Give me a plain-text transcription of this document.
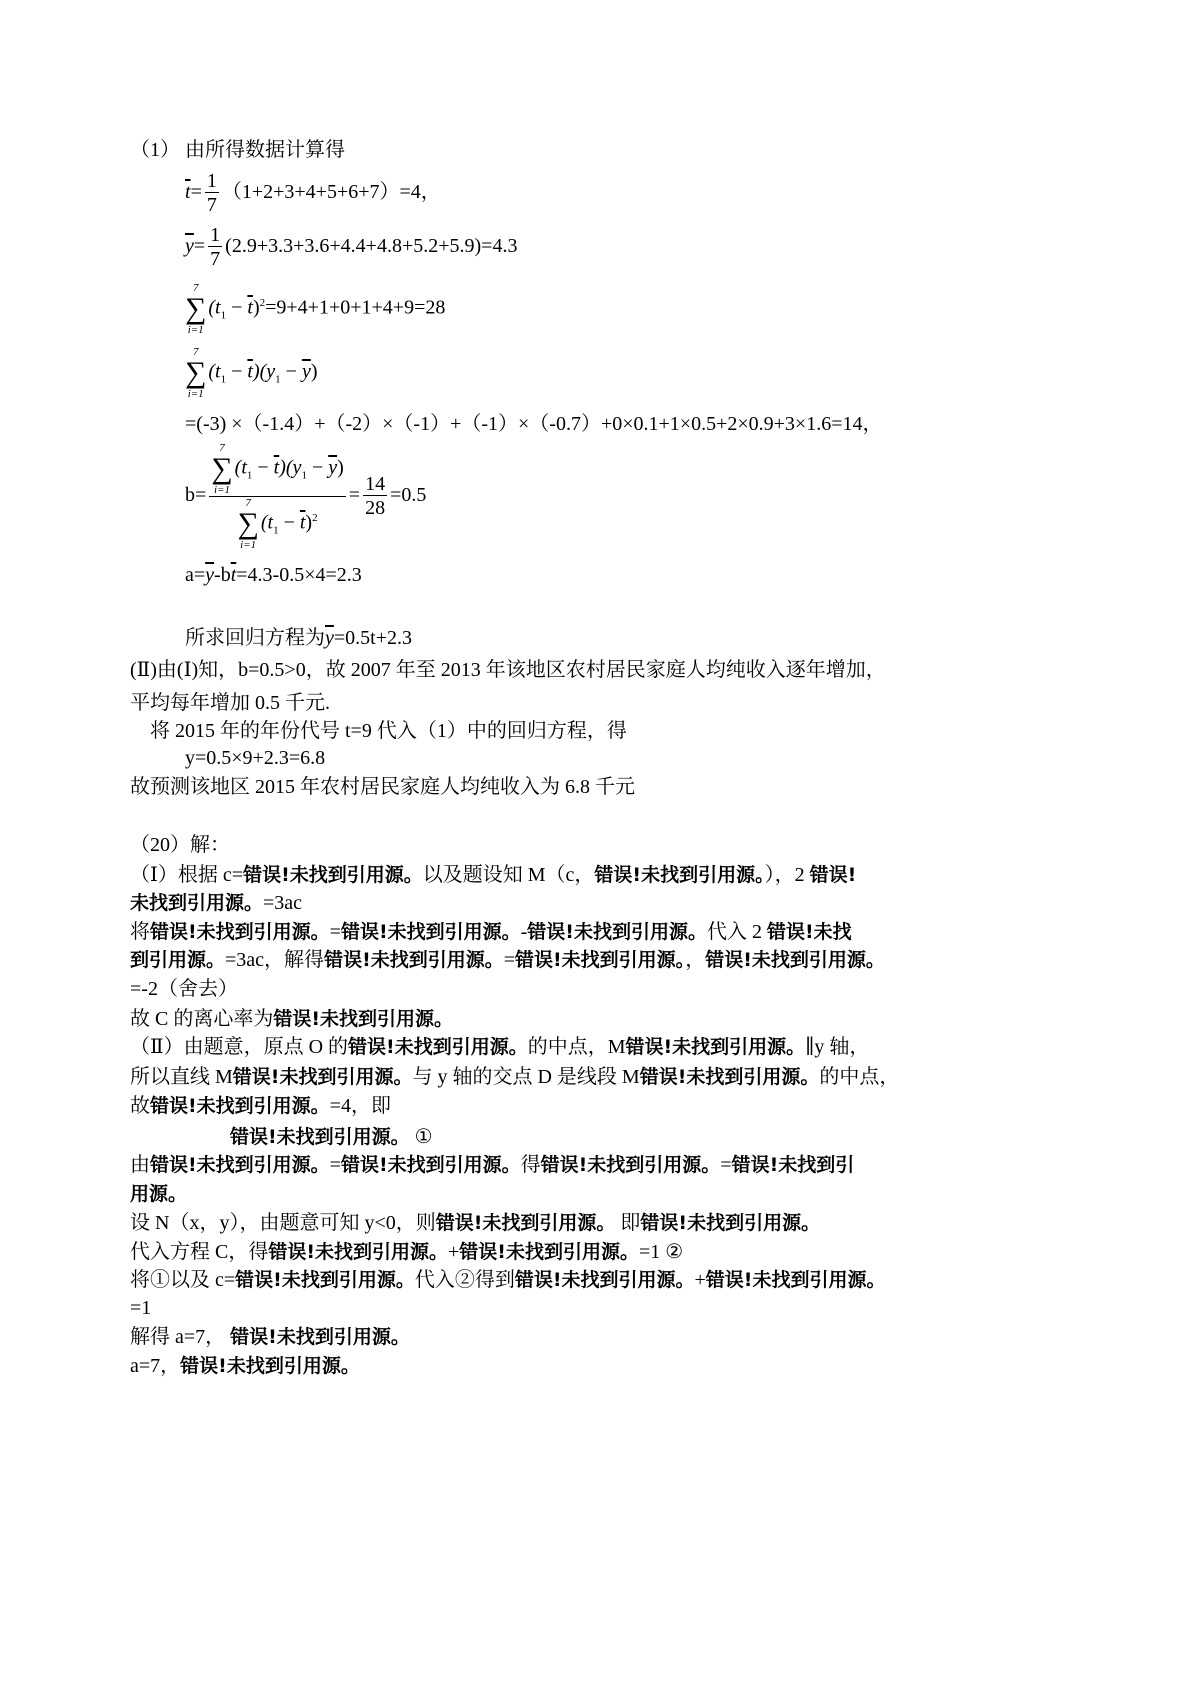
（1） 由所得数据计算得
$\overline{t}= \frac{1}{7} (1+2+3+4+5+6+7)=4$，
$\overline{y}= \frac{1}{7} (2.9+3.3+3.6+4.4+4.8+5.2+5.9)=4.3$
7
∑
i=1
$(t_1 - \overline{t})^2=9+4+1+0+1+4+9=28$
7
∑
i=1
$(t_1 - \overline{t})(y_1 - \overline{y})$
=(-3) ×（-1.4）+（-2）×（-1）+（-1）×（-0.7）+0×0.1+1×0.5+2×0.9+3×1.6=14，
b= 7
∑
i=1
$(t_1 - \overline{t})(y_1 - \overline{y})$
7
∑
i=1
$(t_1 - \overline{t})^2 = \frac{14}{28} =0.5$
$a=\overline{y}-b\overline{t}=4.3-0.5\times 4=2.3$
所求回归方程为$\overline{y}=0.5t+2.3$
(Ⅱ)由(Ⅰ)知，b=0.5>0，故 2007 年至 2013 年该地区农村居民家庭人均纯收入逐年增加，
平均每年增加 0.5 千元.
将 2015 年的年份代号 t=9 代入（1）中的回归方程，得
y=0.5×9+2.3=6.8
故预测该地区 2015 年农村居民家庭人均纯收入为 6.8 千元
（20）解：
（Ⅰ）根据 c=错误!未找到引用源。以及题设知 M（c，错误!未找到引用源。），2 错误!
未找到引用源。=3ac
将错误!未找到引用源。=错误!未找到引用源。-错误!未找到引用源。代入 2 错误!未找
到引用源。=3ac，解得错误!未找到引用源。=错误!未找到引用源。，错误!未找到引用源。
=-2（舍去）
故 C 的离心率为错误!未找到引用源。
（Ⅱ）由题意，原点 O 的错误!未找到引用源。的中点，M错误!未找到引用源。∥y 轴，
所以直线 M错误!未找到引用源。与 y 轴的交点 D 是线段 M错误!未找到引用源。的中点，
故错误!未找到引用源。=4，即
错误!未找到引用源。 ①
由错误!未找到引用源。=错误!未找到引用源。得错误!未找到引用源。=错误!未找到引
用源。
设 N（x，y），由题意可知 y<0，则错误!未找到引用源。 即错误!未找到引用源。
代入方程 C，得错误!未找到引用源。+错误!未找到引用源。=1 ②
将①以及 c=错误!未找到引用源。代入②得到错误!未找到引用源。+错误!未找到引用源。
=1
解得 a=7， 错误!未找到引用源。
a=7，错误!未找到引用源。
